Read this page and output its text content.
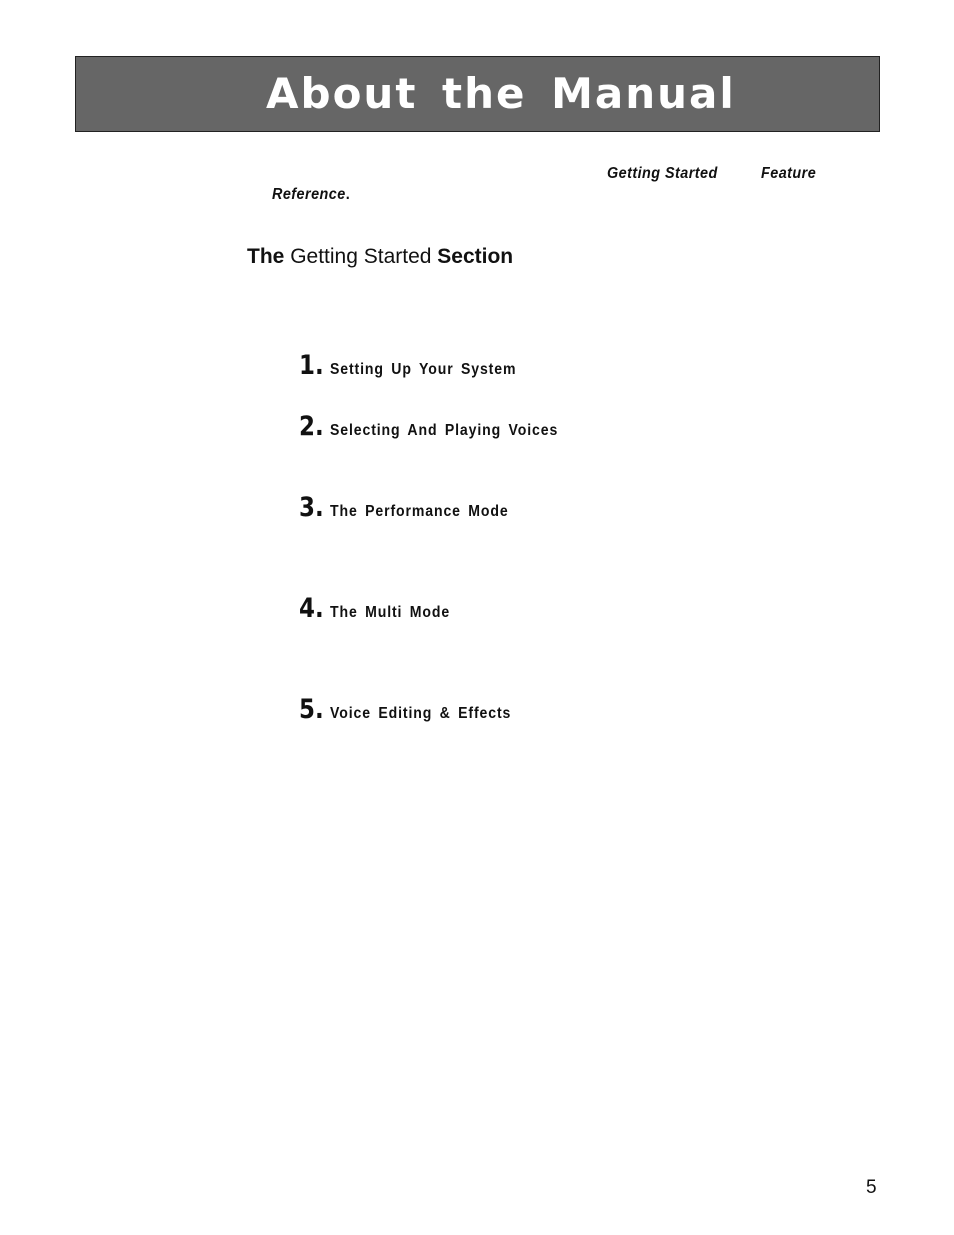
About the Manual
Getting Started	Feature
Reference.
The Getting Started Section
1. Setting Up Your System
2. Selecting And Playing Voices
3. The Performance Mode
4. The Multi Mode
5. Voice Editing & Effects
5
